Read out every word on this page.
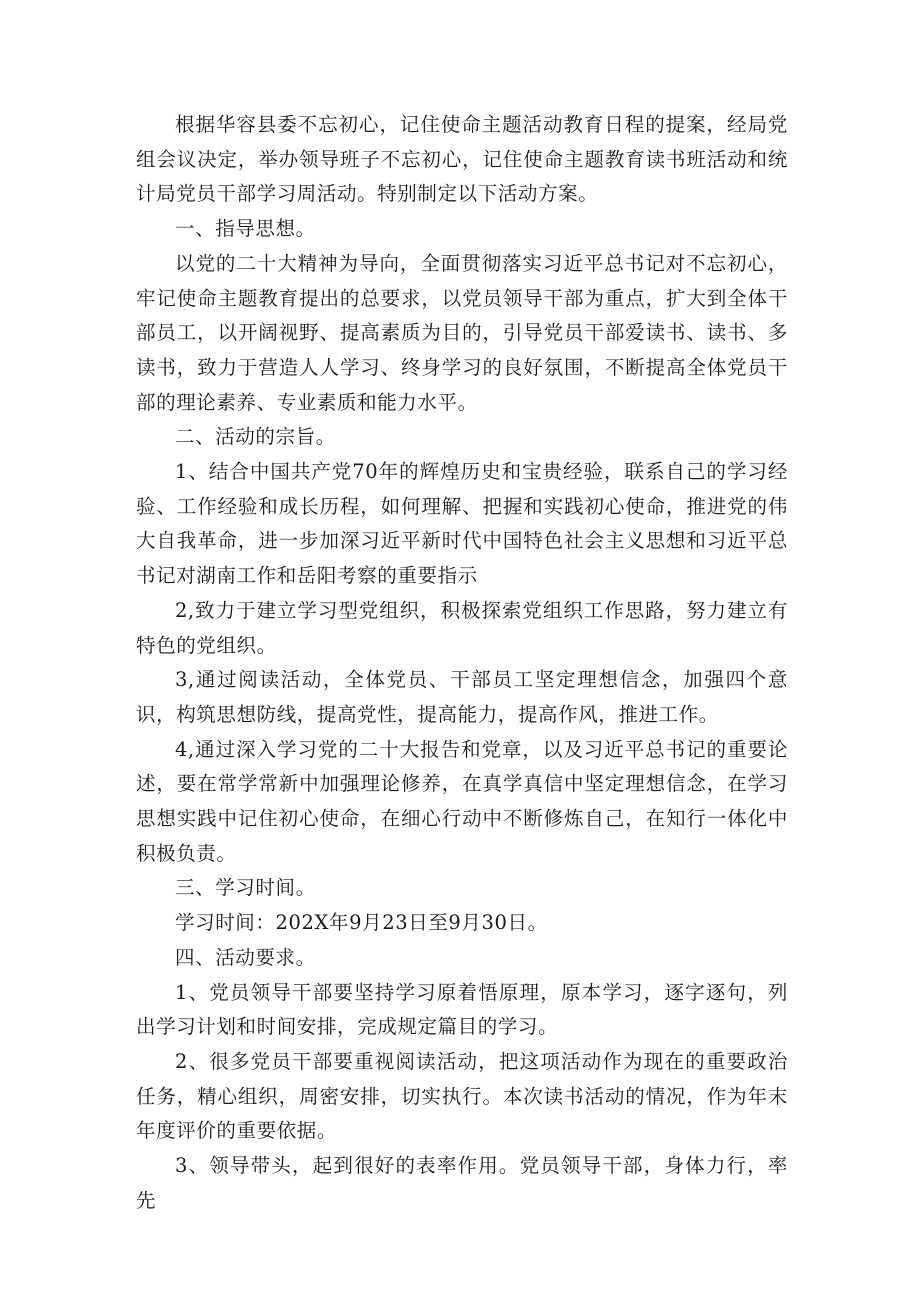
根据华容县委不忘初心，记住使命主题活动教育日程的提案，经局党组会议决定，举办领导班子不忘初心，记住使命主题教育读书班活动和统计局党员干部学习周活动。特别制定以下活动方案。

一、指导思想。

以党的二十大精神为导向，全面贯彻落实习近平总书记对不忘初心，牢记使命主题教育提出的总要求，以党员领导干部为重点，扩大到全体干部员工，以开阔视野、提高素质为目的，引导党员干部爱读书、读书、多读书，致力于营造人人学习、终身学习的良好氛围，不断提高全体党员干部的理论素养、专业素质和能力水平。

二、活动的宗旨。

1、结合中国共产党70年的辉煌历史和宝贵经验，联系自己的学习经验、工作经验和成长历程，如何理解、把握和实践初心使命，推进党的伟大自我革命，进一步加深习近平新时代中国特色社会主义思想和习近平总书记对湖南工作和岳阳考察的重要指示

2,致力于建立学习型党组织，积极探索党组织工作思路，努力建立有特色的党组织。

3,通过阅读活动，全体党员、干部员工坚定理想信念，加强四个意识，构筑思想防线，提高党性，提高能力，提高作风，推进工作。

4,通过深入学习党的二十大报告和党章，以及习近平总书记的重要论述，要在常学常新中加强理论修养，在真学真信中坚定理想信念，在学习思想实践中记住初心使命，在细心行动中不断修炼自己，在知行一体化中积极负责。

三、学习时间。

学习时间：202X年9月23日至9月30日。

四、活动要求。

1、党员领导干部要坚持学习原着悟原理，原本学习，逐字逐句，列出学习计划和时间安排，完成规定篇目的学习。

2、很多党员干部要重视阅读活动，把这项活动作为现在的重要政治任务，精心组织，周密安排，切实执行。本次读书活动的情况，作为年末年度评价的重要依据。

3、领导带头，起到很好的表率作用。党员领导干部，身体力行，率先
